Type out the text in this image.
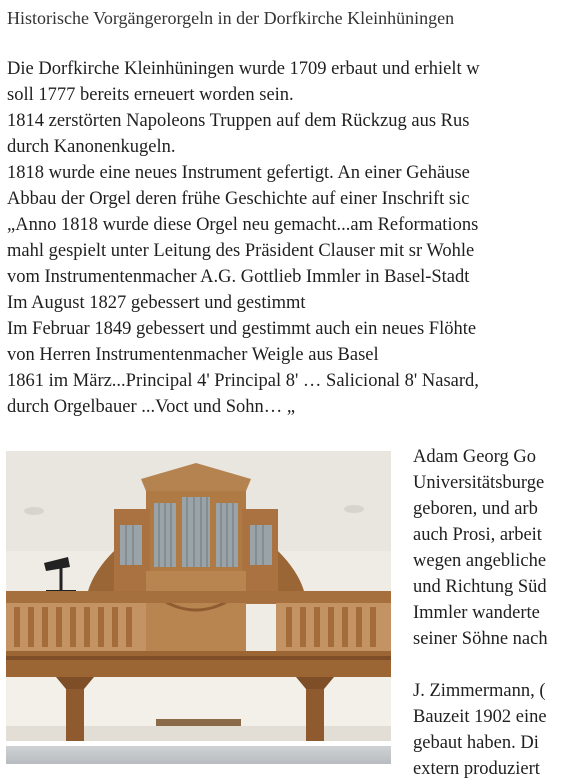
Historische Vorgängerorgeln in der Dorfkirche Kleinhüningen
Die Dorfkirche Kleinhüningen wurde 1709 erbaut und erhielt w
soll 1777 bereits erneuert worden sein.
1814 zerstörten Napoleons Truppen auf dem Rückzug aus Rus
durch Kanonenkugeln.
1818 wurde eine neues Instrument gefertigt. An einer Gehäuse
Abbau der Orgel deren frühe Geschichte auf einer Inschrift sic
„Anno 1818 wurde diese Orgel neu gemacht...am Reformations
mahl gespielt unter Leitung des Präsident Clauser mit sr Wohle
vom Instrumentenmacher A.G. Gottlieb Immler in Basel-Stadt
Im August 1827 gebessert und gestimmt
Im Februar 1849 gebessert und gestimmt auch ein neues Flöhte
von Herren Instrumentenmacher Weigle aus Basel
1861 im März...Principal 4' Principal 8' … Salicional 8' Nasard,
durch Orgelbauer ...Voct und Sohn… „
Adam Georg Go
Universitätsburge
geboren, und arb
auch Prosi, arbeit
wegen angebliche
und Richtung Süd
Immler wanderte
seiner Söhne nach
J. Zimmermann, (
Bauzeit 1902 eine
gebaut haben. Di
extern produziert
